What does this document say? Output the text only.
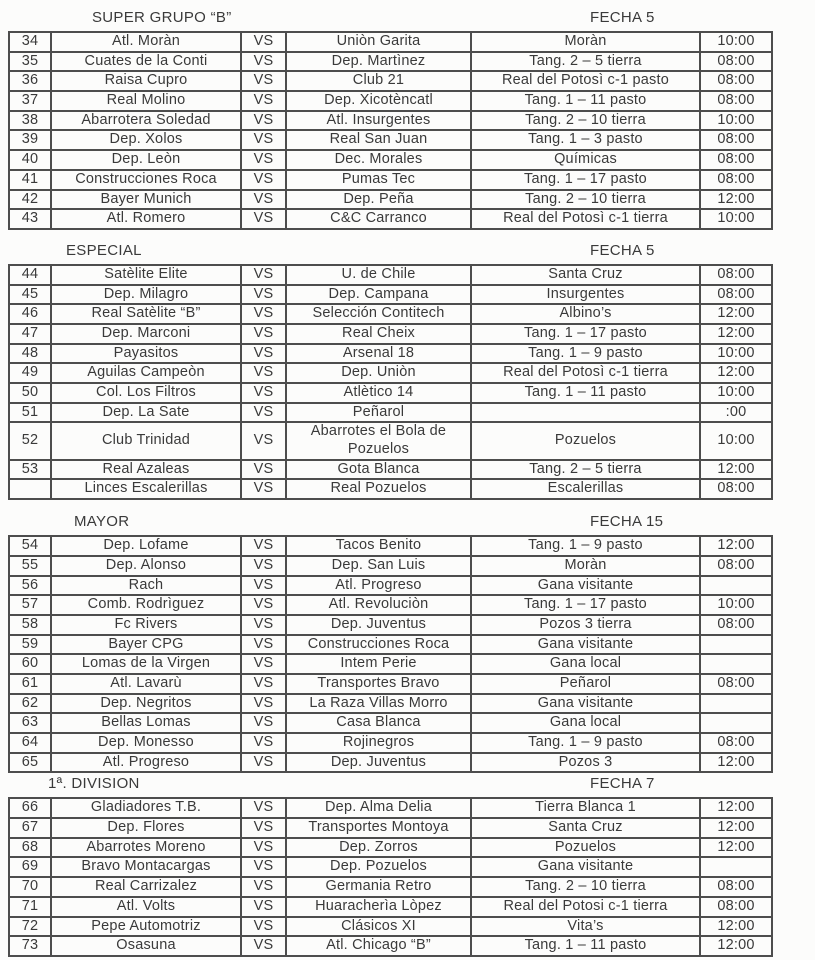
SUPER GRUPO “B”	FECHA 5
34	Atl. Moràn	VS	Uniòn Garita	Moràn	10:00
35	Cuates de la Conti	VS	Dep. Martìnez	Tang. 2 – 5 tierra	08:00
36	Raisa Cupro	VS	Club 21	Real del Potosì c-1 pasto	08:00
37	Real Molino	VS	Dep. Xicotèncatl	Tang. 1 – 11 pasto	08:00
38	Abarrotera Soledad	VS	Atl. Insurgentes	Tang. 2 – 10 tierra	10:00
39	Dep. Xolos	VS	Real San Juan	Tang. 1 – 3 pasto	08:00
40	Dep. Leòn	VS	Dec. Morales	Químicas	08:00
41	Construcciones Roca	VS	Pumas Tec	Tang. 1 – 17 pasto	08:00
42	Bayer Munich	VS	Dep. Peña	Tang. 2 – 10 tierra	12:00
43	Atl. Romero	VS	C&C Carranco	Real del Potosì c-1 tierra	10:00
ESPECIAL	FECHA 5
44	Satèlite Elite	VS	U. de Chile	Santa Cruz	08:00
45	Dep. Milagro	VS	Dep. Campana	Insurgentes	08:00
46	Real Satèlite “B”	VS	Selección Contitech	Albino’s	12:00
47	Dep. Marconi	VS	Real Cheix	Tang. 1 – 17 pasto	12:00
48	Payasitos	VS	Arsenal 18	Tang. 1 – 9 pasto	10:00
49	Aguilas Campeòn	VS	Dep. Uniòn	Real del Potosì c-1 tierra	12:00
50	Col. Los Filtros	VS	Atlètico 14	Tang. 1 – 11 pasto	10:00
51	Dep. La Sate	VS	Peñarol		:00
52	Club Trinidad	VS	Abarrotes el Bola de Pozuelos	Pozuelos	10:00
53	Real Azaleas	VS	Gota Blanca	Tang. 2 – 5 tierra	12:00
	Linces Escalerillas	VS	Real Pozuelos	Escalerillas	08:00
MAYOR	FECHA 15
54	Dep. Lofame	VS	Tacos Benito	Tang. 1 – 9 pasto	12:00
55	Dep. Alonso	VS	Dep. San Luis	Moràn	08:00
56	Rach	VS	Atl. Progreso	Gana visitante	
57	Comb. Rodrìguez	VS	Atl. Revoluciòn	Tang. 1 – 17 pasto	10:00
58	Fc Rivers	VS	Dep. Juventus	Pozos 3 tierra	08:00
59	Bayer CPG	VS	Construcciones Roca	Gana visitante	
60	Lomas de la Virgen	VS	Intem Perie	Gana local	
61	Atl. Lavarù	VS	Transportes Bravo	Peñarol	08:00
62	Dep. Negritos	VS	La Raza Villas Morro	Gana visitante	
63	Bellas Lomas	VS	Casa Blanca	Gana local	
64	Dep. Monesso	VS	Rojinegros	Tang. 1 – 9 pasto	08:00
65	Atl. Progreso	VS	Dep. Juventus	Pozos 3	12:00
1ª. DIVISION	FECHA 7
66	Gladiadores T.B.	VS	Dep. Alma Delia	Tierra Blanca 1	12:00
67	Dep. Flores	VS	Transportes Montoya	Santa Cruz	12:00
68	Abarrotes Moreno	VS	Dep. Zorros	Pozuelos	12:00
69	Bravo Montacargas	VS	Dep. Pozuelos	Gana visitante	
70	Real Carrizalez	VS	Germania Retro	Tang. 2 – 10 tierra	08:00
71	Atl. Volts	VS	Huaracherìa Lòpez	Real del Potosi c-1 tierra	08:00
72	Pepe Automotriz	VS	Clásicos XI	Vita’s	12:00
73	Osasuna	VS	Atl. Chicago “B”	Tang. 1 – 11 pasto	12:00
